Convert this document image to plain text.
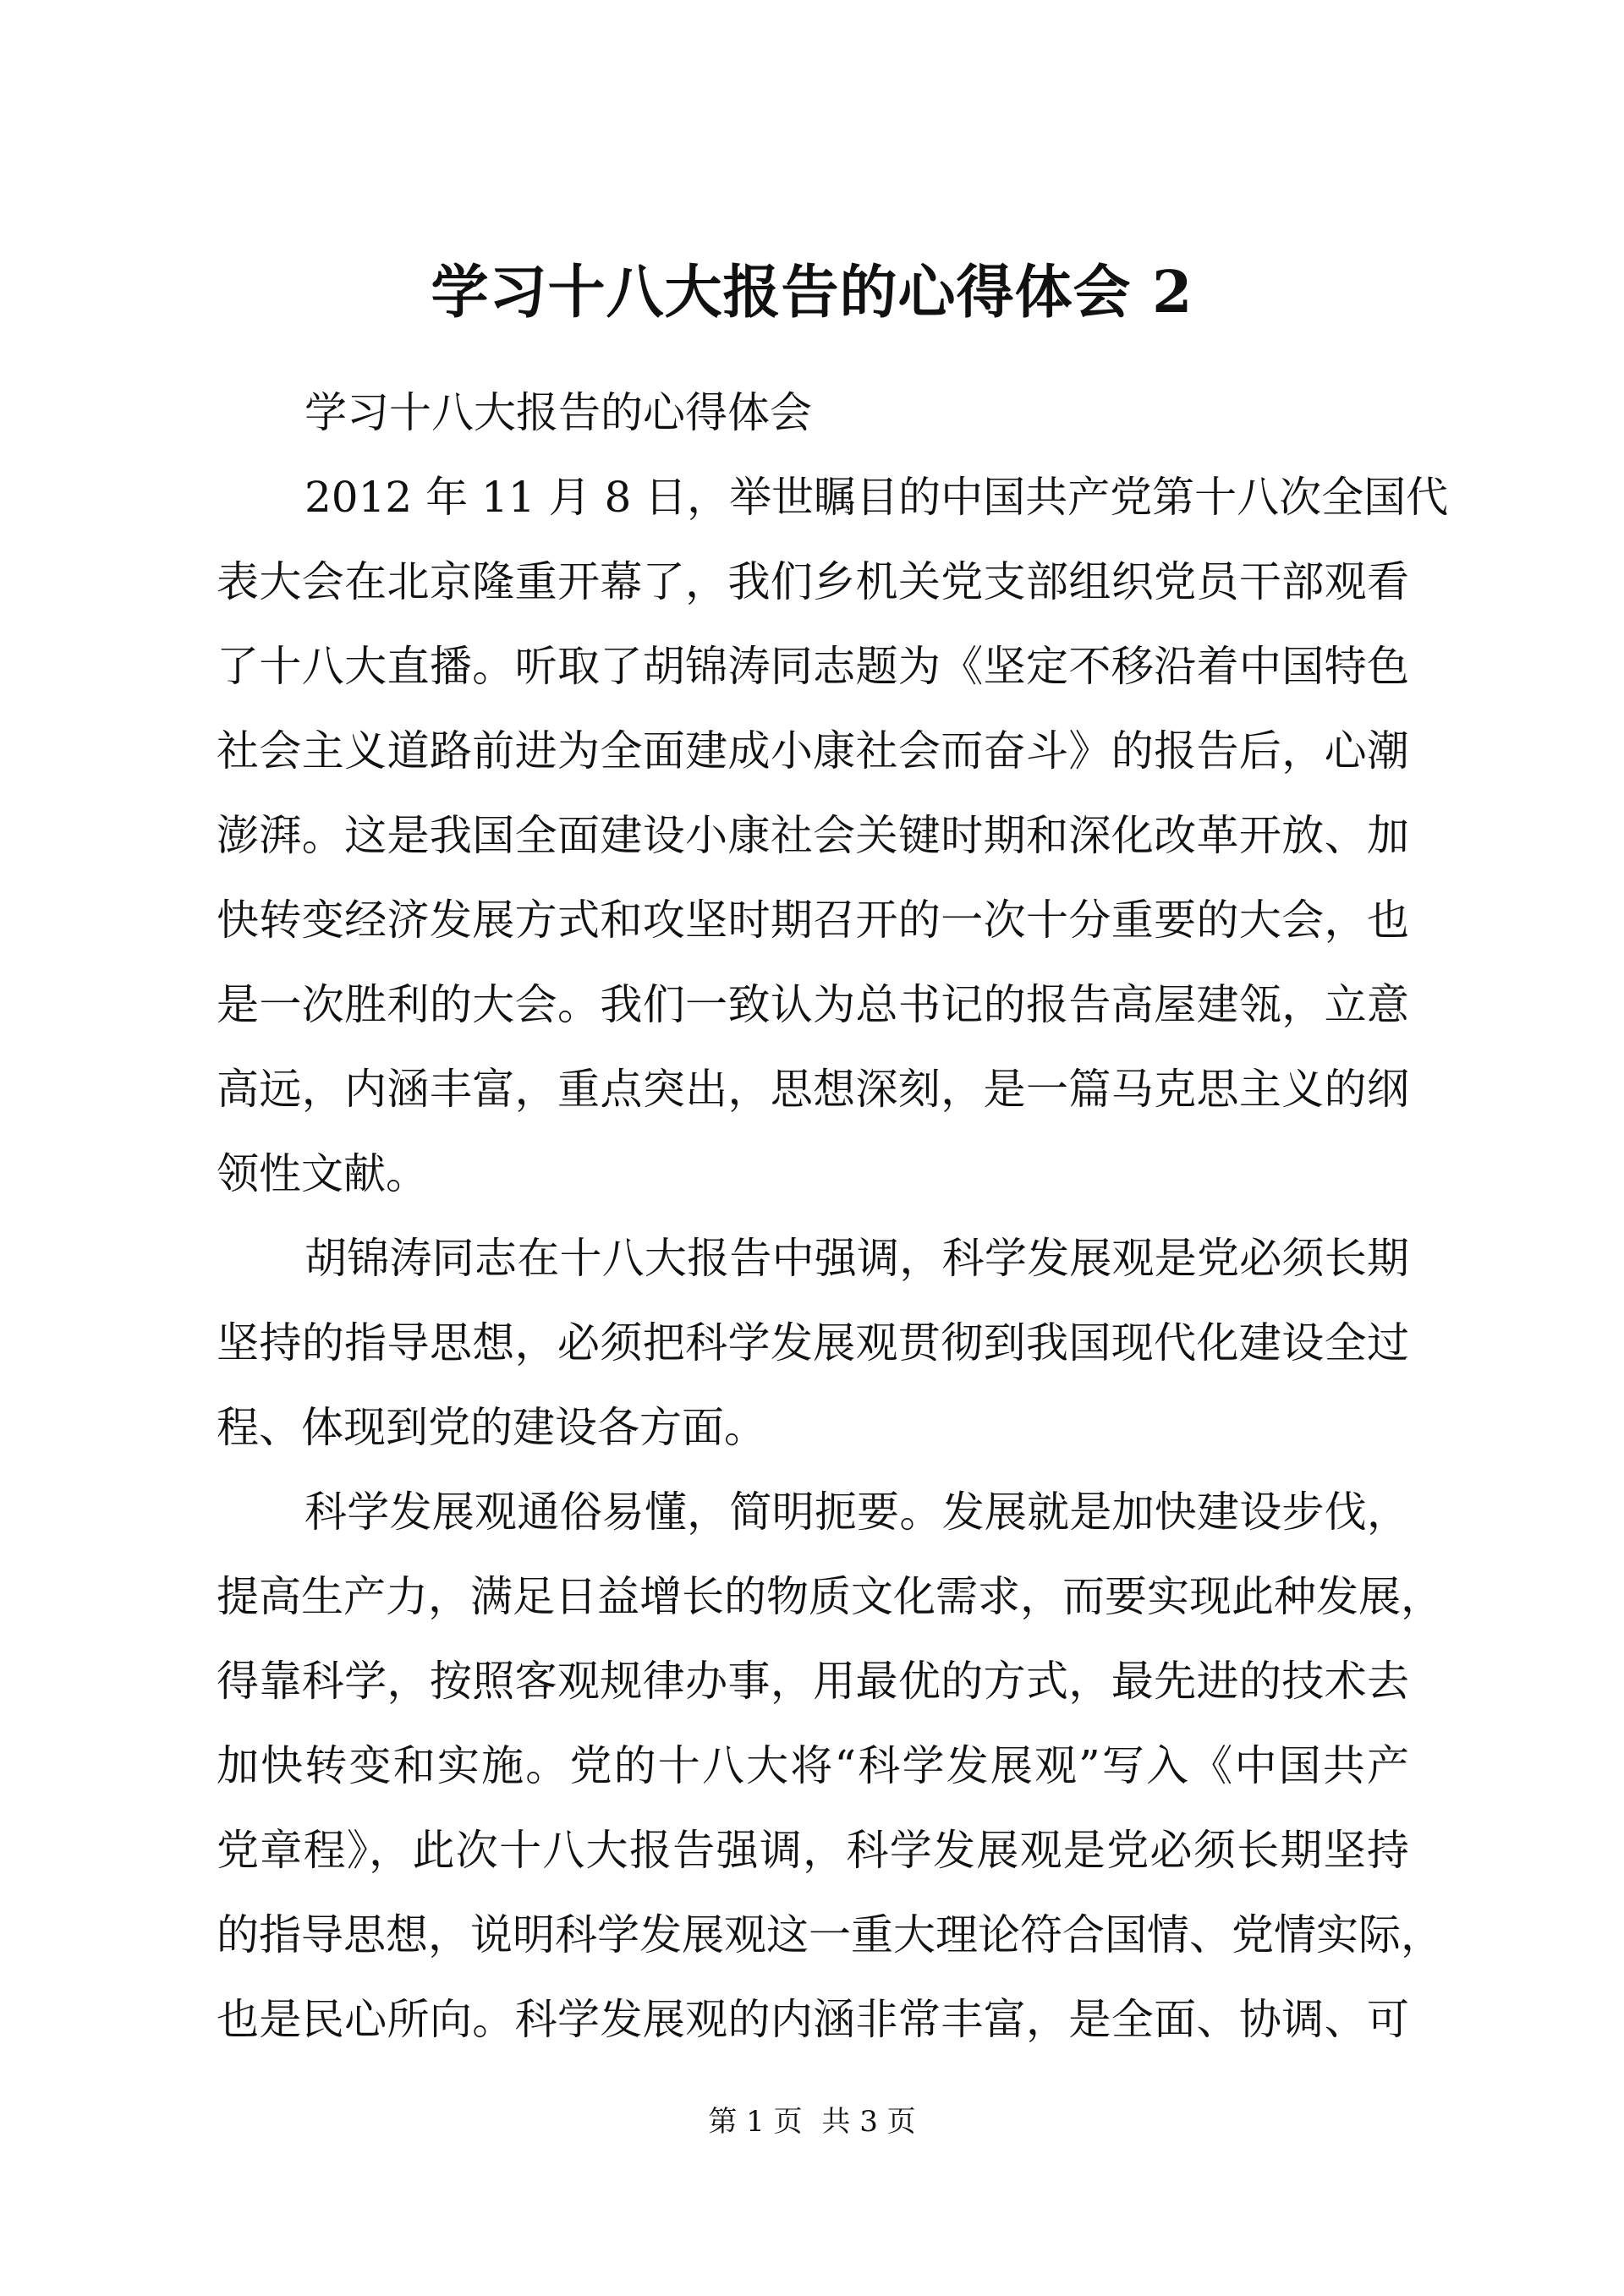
学习十八大报告的心得体会 2
学习十八大报告的心得体会
2012 年 11 月 8 日，举世瞩目的中国共产党第十八次全国代
表大会在北京隆重开幕了，我们乡机关党支部组织党员干部观看
了十八大直播。听取了胡锦涛同志题为《坚定不移沿着中国特色
社会主义道路前进为全面建成小康社会而奋斗》的报告后，心潮
澎湃。这是我国全面建设小康社会关键时期和深化改革开放、加
快转变经济发展方式和攻坚时期召开的一次十分重要的大会，也
是一次胜利的大会。我们一致认为总书记的报告高屋建瓴，立意
高远，内涵丰富，重点突出，思想深刻，是一篇马克思主义的纲
领性文献。
胡锦涛同志在十八大报告中强调，科学发展观是党必须长期
坚持的指导思想，必须把科学发展观贯彻到我国现代化建设全过
程、体现到党的建设各方面。
科学发展观通俗易懂，简明扼要。发展就是加快建设步伐，
提高生产力，满足日益增长的物质文化需求，而要实现此种发展，
得靠科学，按照客观规律办事，用最优的方式，最先进的技术去
加快转变和实施。党的十八大将“科学发展观”写入《中国共产
党章程》，此次十八大报告强调，科学发展观是党必须长期坚持
的指导思想，说明科学发展观这一重大理论符合国情、党情实际，
也是民心所向。科学发展观的内涵非常丰富，是全面、协调、可
第 1 页 共 3 页
